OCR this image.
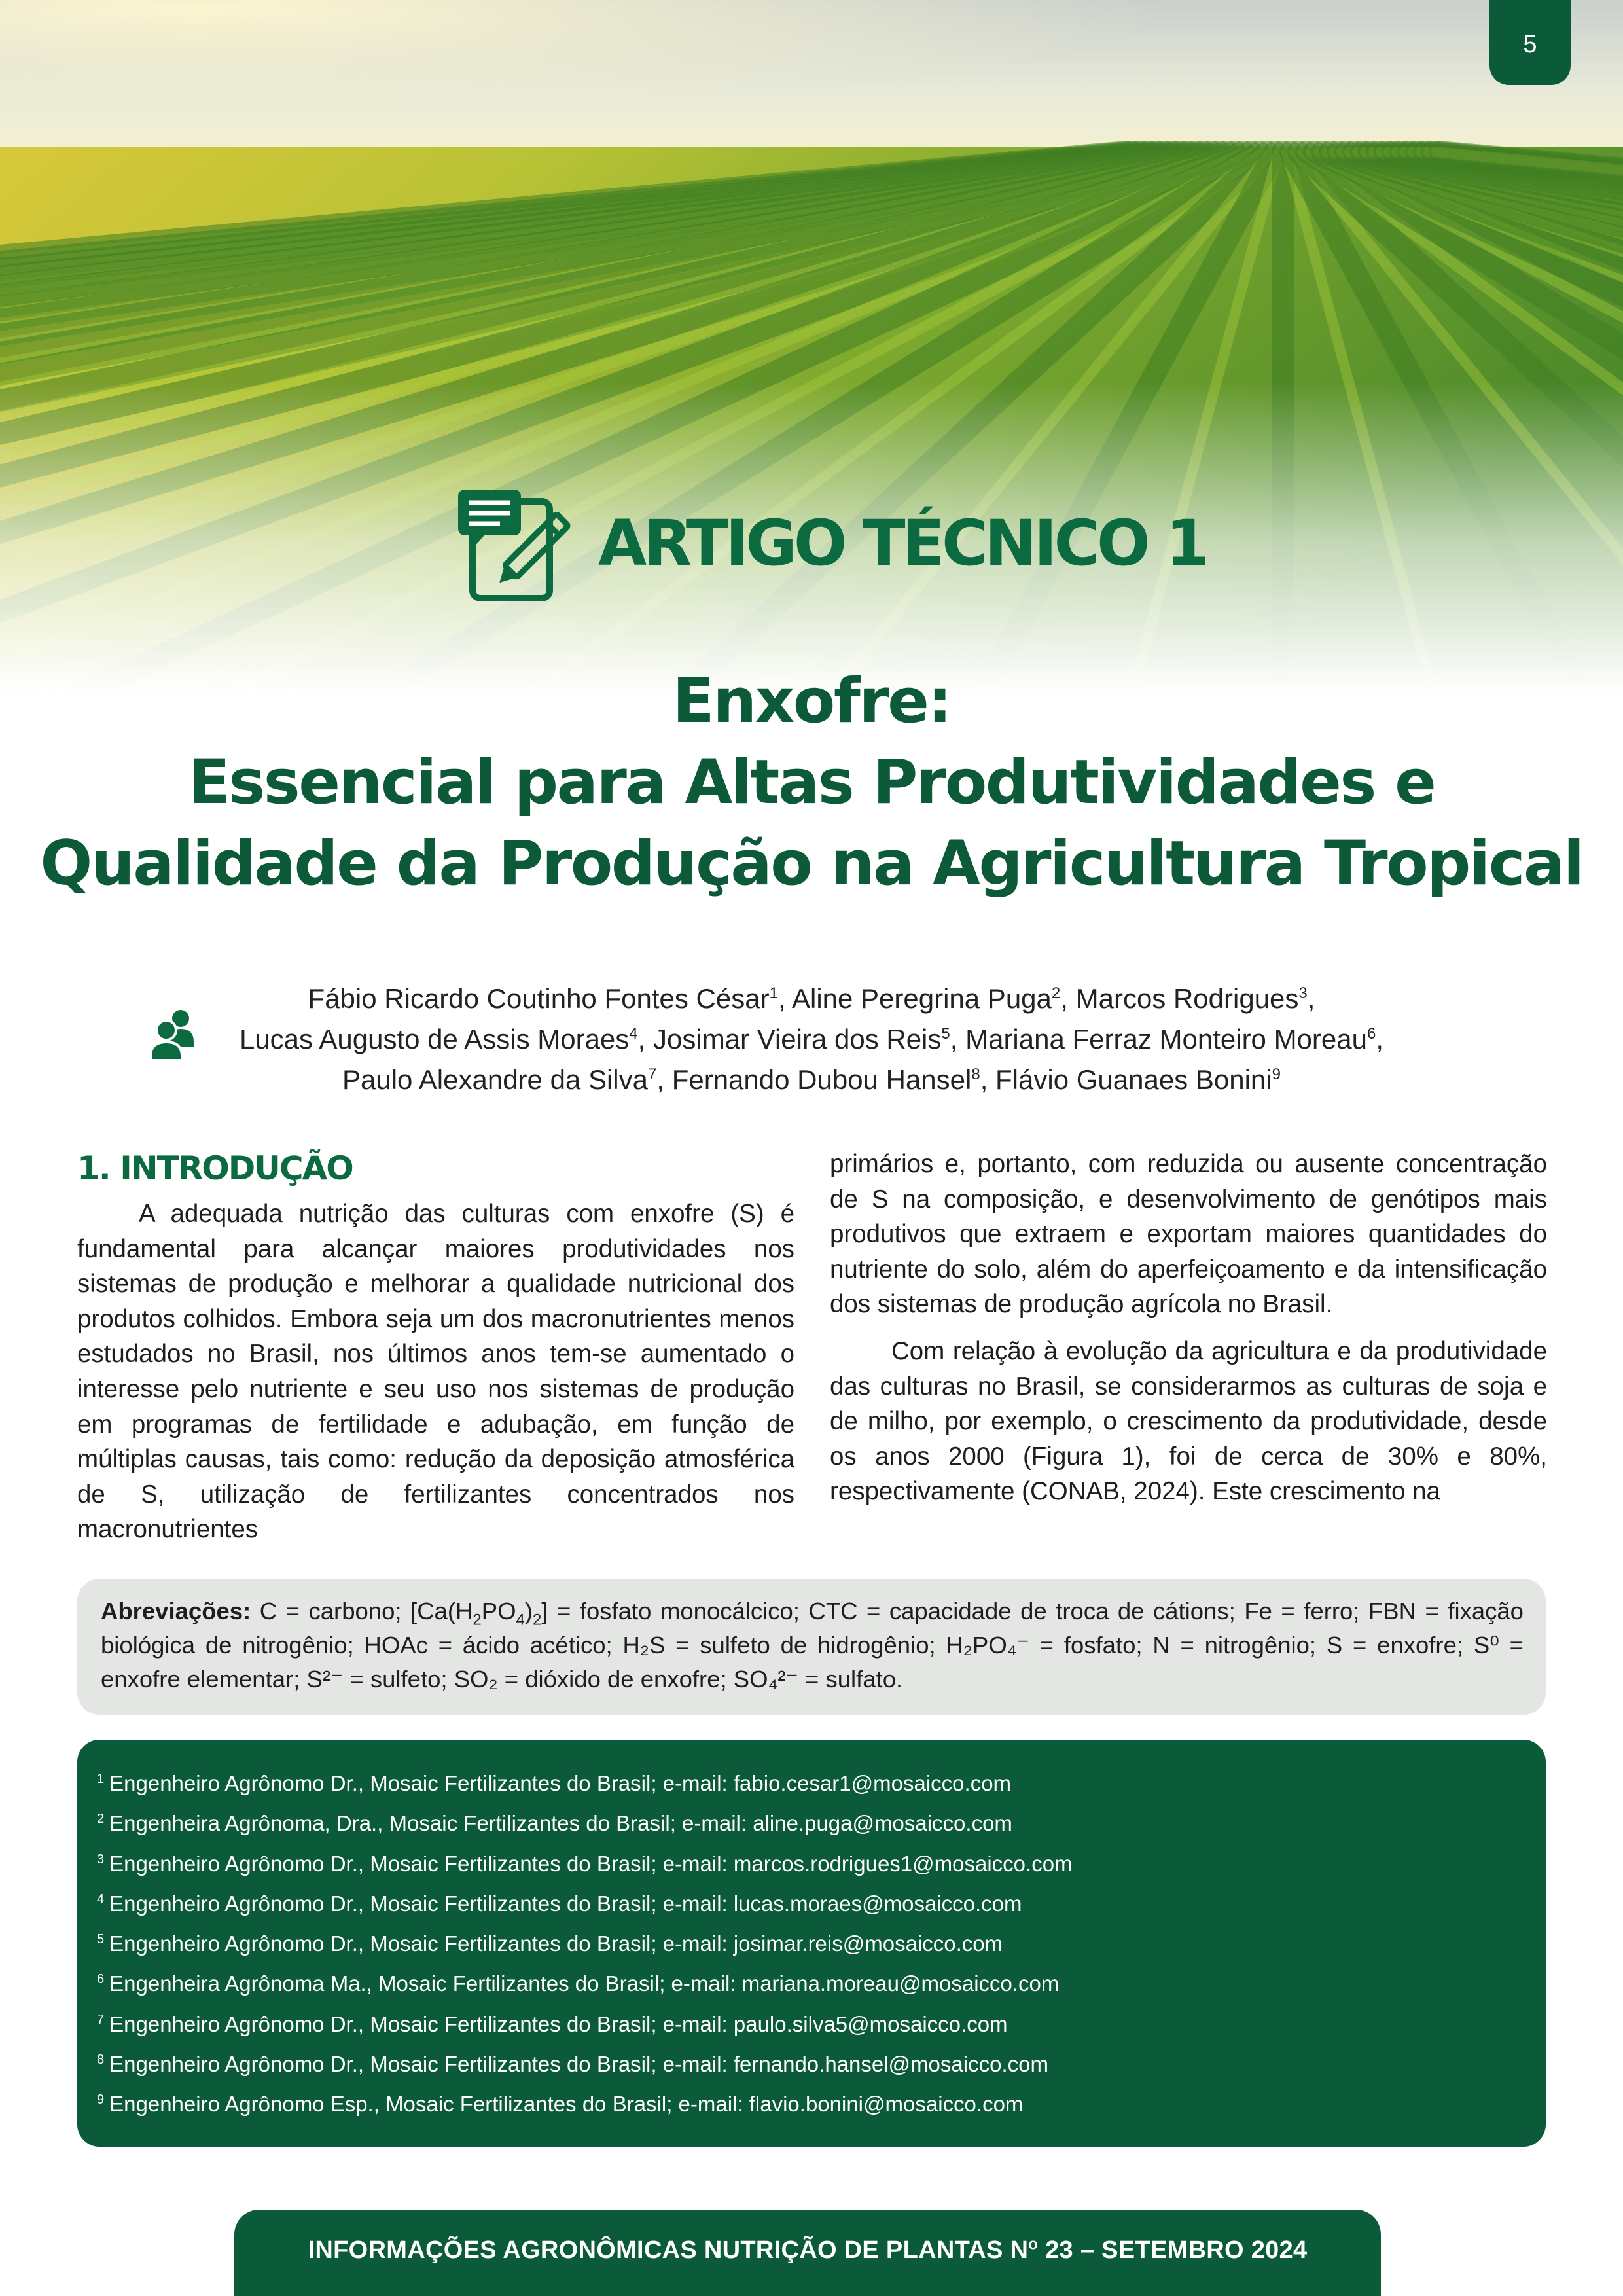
5
ARTIGO TÉCNICO 1
Enxofre:
Essencial para Altas Produtividades e
Qualidade da Produção na Agricultura Tropical
Fábio Ricardo Coutinho Fontes César$^1$, Aline Peregrina Puga$^2$, Marcos Rodrigues$^3$,
Lucas Augusto de Assis Moraes$^4$, Josimar Vieira dos Reis$^5$, Mariana Ferraz Monteiro Moreau$^6$,
Paulo Alexandre da Silva$^7$, Fernando Dubou Hansel$^8$, Flávio Guanaes Bonini$^9$
1. INTRODUÇÃO

A adequada nutrição das culturas com enxofre (S) é fundamental para alcançar maiores produtividades nos sistemas de produção e melhorar a qualidade nutricional dos produtos colhidos. Embora seja um dos macronutrientes menos estudados no Brasil, nos últimos anos tem-se aumentado o interesse pelo nutriente e seu uso nos sistemas de produção em programas de fertilidade e adubação, em função de múltiplas causas, tais como: redução da deposição atmosférica de S, utilização de fertilizantes concentrados nos macronutrientes

primários e, portanto, com reduzida ou ausente concentração de S na composição, e desenvolvimento de genótipos mais produtivos que extraem e exportam maiores quantidades do nutriente do solo, além do aperfeiçoamento e da intensificação dos sistemas de produção agrícola no Brasil.

Com relação à evolução da agricultura e da produtividade das culturas no Brasil, se considerarmos as culturas de soja e de milho, por exemplo, o crescimento da produtividade, desde os anos 2000 (Figura 1), foi de cerca de 30% e 80%, respectivamente (CONAB, 2024). Este crescimento na

Abreviações: C = carbono; $[Ca(H_2PO_4)_2]$ = fosfato monocálcico; CTC = capacidade de troca de cátions; Fe = ferro; FBN = fixação biológica de nitrogênio; HOAc = ácido acético; H₂S = sulfeto de hidrogênio; H₂PO₄⁻ = fosfato; N = nitrogênio; S = enxofre; S⁰ = enxofre elementar; S²⁻ = sulfeto; SO₂ = dióxido de enxofre; SO₄²⁻ = sulfato.
$^1$ Engenheiro Agrônomo Dr., Mosaic Fertilizantes do Brasil; e-mail: fabio.cesar1@mosaicco.com
$^2$ Engenheira Agrônoma, Dra., Mosaic Fertilizantes do Brasil; e-mail: aline.puga@mosaicco.com
$^3$ Engenheiro Agrônomo Dr., Mosaic Fertilizantes do Brasil; e-mail: marcos.rodrigues1@mosaicco.com
$^4$ Engenheiro Agrônomo Dr., Mosaic Fertilizantes do Brasil; e-mail: lucas.moraes@mosaicco.com
$^5$ Engenheiro Agrônomo Dr., Mosaic Fertilizantes do Brasil; e-mail: josimar.reis@mosaicco.com
$^6$ Engenheira Agrônoma Ma., Mosaic Fertilizantes do Brasil; e-mail: mariana.moreau@mosaicco.com
$^7$ Engenheiro Agrônomo Dr., Mosaic Fertilizantes do Brasil; e-mail: paulo.silva5@mosaicco.com
$^8$ Engenheiro Agrônomo Dr., Mosaic Fertilizantes do Brasil; e-mail: fernando.hansel@mosaicco.com
$^9$ Engenheiro Agrônomo Esp., Mosaic Fertilizantes do Brasil; e-mail: flavio.bonini@mosaicco.com
INFORMAÇÕES AGRONÔMICAS NUTRIÇÃO DE PLANTAS $N^o$ 23 – SETEMBRO 2024
